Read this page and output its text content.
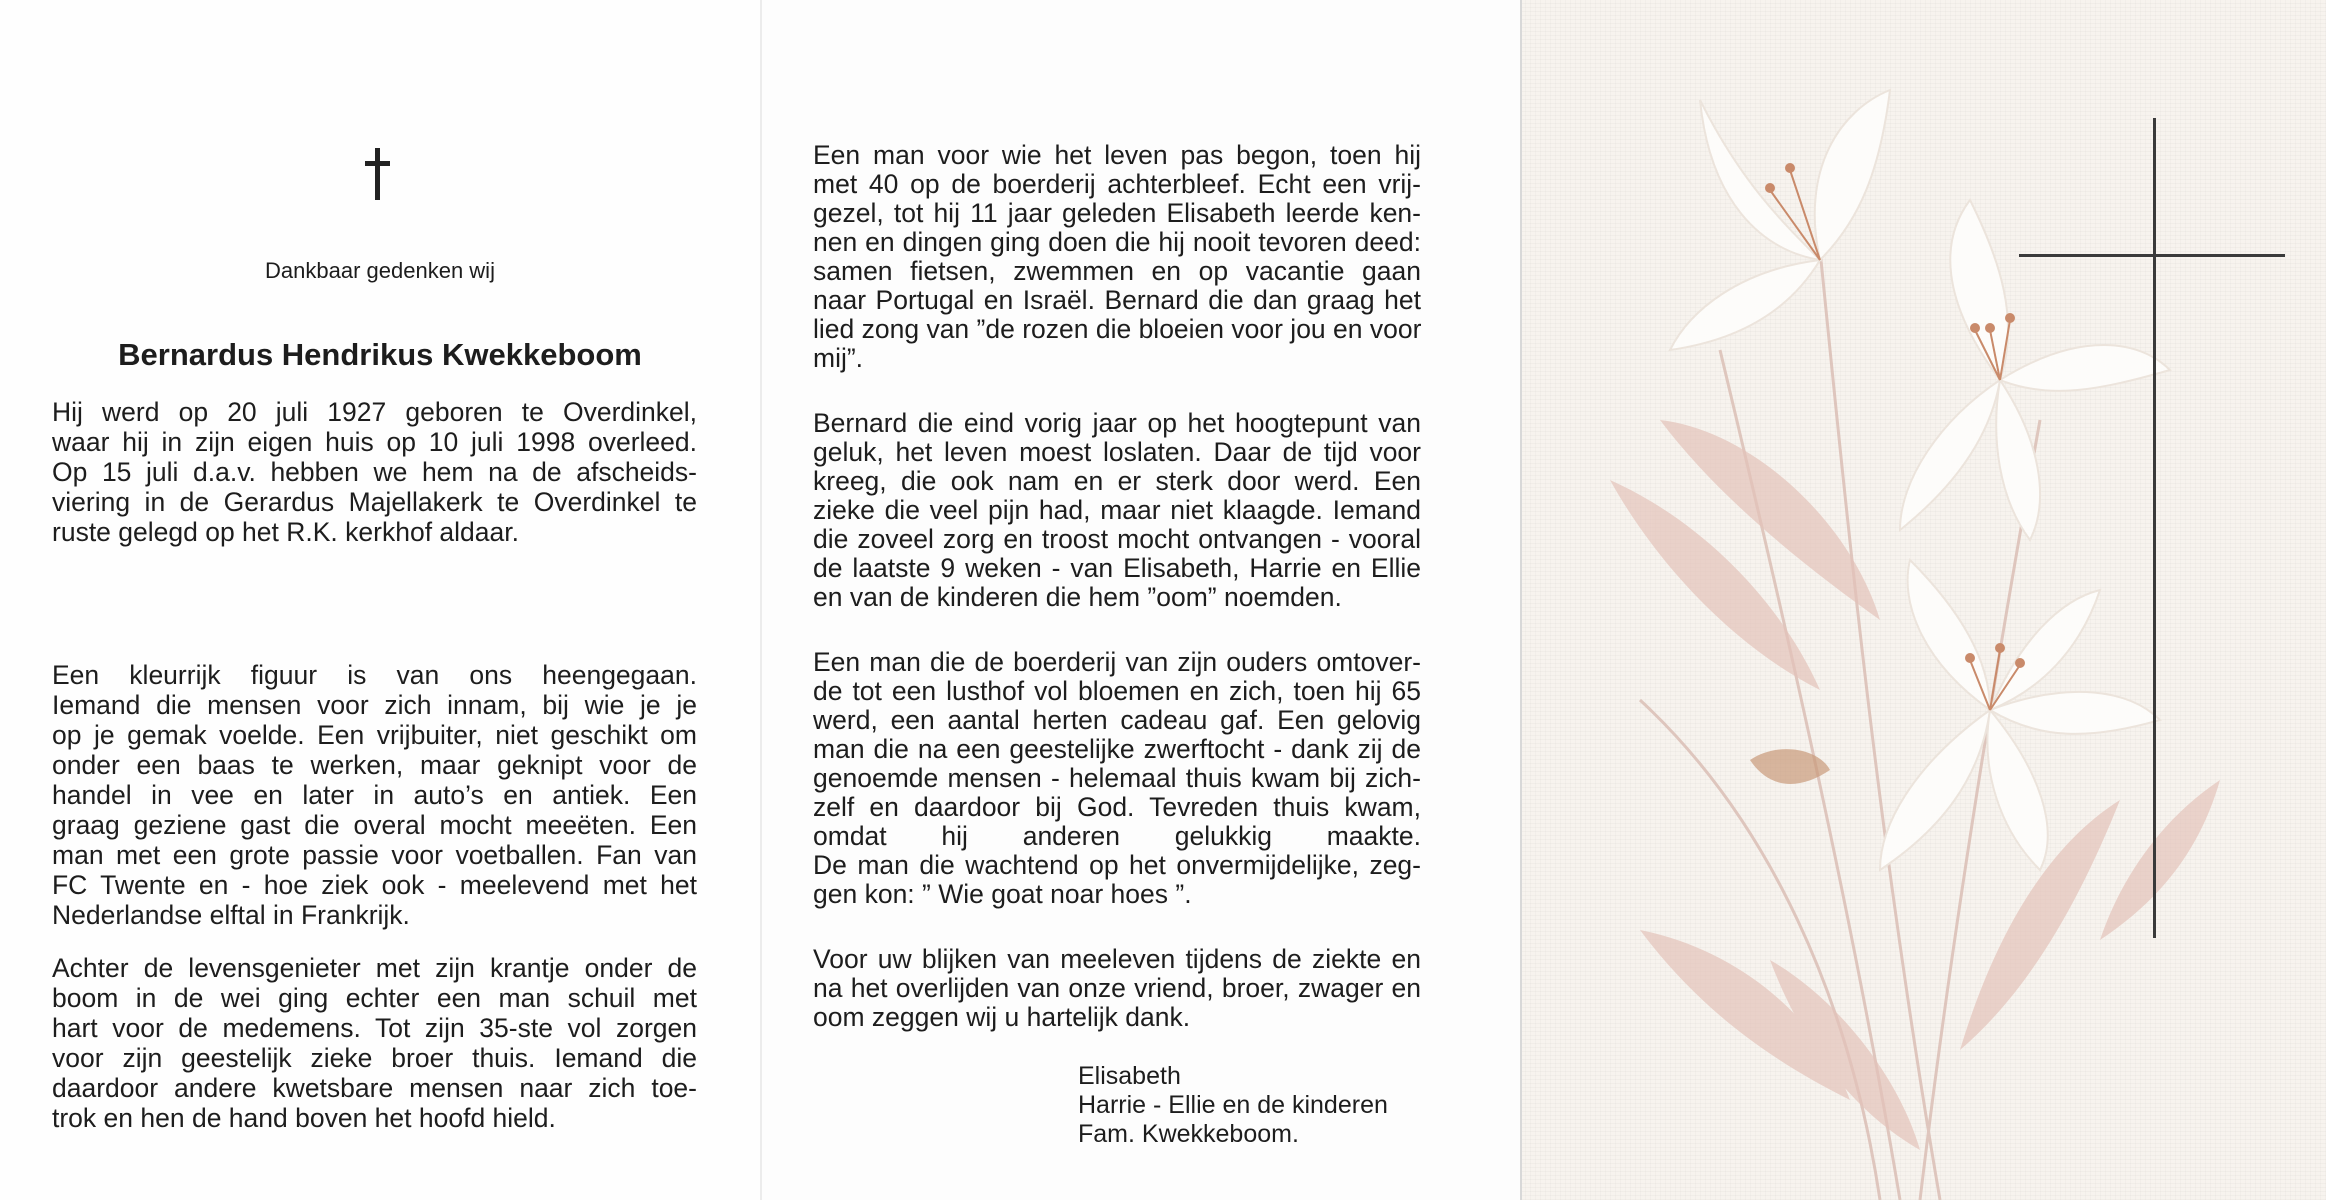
Dankbaar gedenken wij
Bernardus Hendrikus Kwekkeboom
Hij werd op 20 juli 1927 geboren te Overdinkel,
waar hij in zijn eigen huis op 10 juli 1998 overleed.
Op 15 juli d.a.v. hebben we hem na de afscheids-
viering in de Gerardus Majellakerk te Overdinkel te
ruste gelegd op het R.K. kerkhof aldaar.
Een kleurrijk figuur is van ons heengegaan.
Iemand die mensen voor zich innam, bij wie je je
op je gemak voelde. Een vrijbuiter, niet geschikt om
onder een baas te werken, maar geknipt voor de
handel in vee en later in auto’s en antiek. Een
graag geziene gast die overal mocht meeëten. Een
man met een grote passie voor voetballen. Fan van
FC Twente en - hoe ziek ook - meelevend met het
Nederlandse elftal in Frankrijk.
Achter de levensgenieter met zijn krantje onder de
boom in de wei ging echter een man schuil met
hart voor de medemens. Tot zijn 35-ste vol zorgen
voor zijn geestelijk zieke broer thuis. Iemand die
daardoor andere kwetsbare mensen naar zich toe-
trok en hen de hand boven het hoofd hield.
Een man voor wie het leven pas begon, toen hij
met 40 op de boerderij achterbleef. Echt een vrij-
gezel, tot hij 11 jaar geleden Elisabeth leerde ken-
nen en dingen ging doen die hij nooit tevoren deed:
samen fietsen, zwemmen en op vacantie gaan
naar Portugal en Israël. Bernard die dan graag het
lied zong van ”de rozen die bloeien voor jou en voor
mij”.
Bernard die eind vorig jaar op het hoogtepunt van
geluk, het leven moest loslaten. Daar de tijd voor
kreeg, die ook nam en er sterk door werd. Een
zieke die veel pijn had, maar niet klaagde. Iemand
die zoveel zorg en troost mocht ontvangen - vooral
de laatste 9 weken - van Elisabeth, Harrie en Ellie
en van de kinderen die hem ”oom” noemden.
Een man die de boerderij van zijn ouders omtover-
de tot een lusthof vol bloemen en zich, toen hij 65
werd, een aantal herten cadeau gaf. Een gelovig
man die na een geestelijke zwerftocht - dank zij de
genoemde mensen - helemaal thuis kwam bij zich-
zelf en daardoor bij God. Tevreden thuis kwam,
omdat hij anderen gelukkig maakte.
De man die wachtend op het onvermijdelijke, zeg-
gen kon: ” Wie goat noar hoes ”.
Voor uw blijken van meeleven tijdens de ziekte en
na het overlijden van onze vriend, broer, zwager en
oom zeggen wij u hartelijk dank.
Elisabeth
Harrie - Ellie en de kinderen
Fam. Kwekkeboom.
